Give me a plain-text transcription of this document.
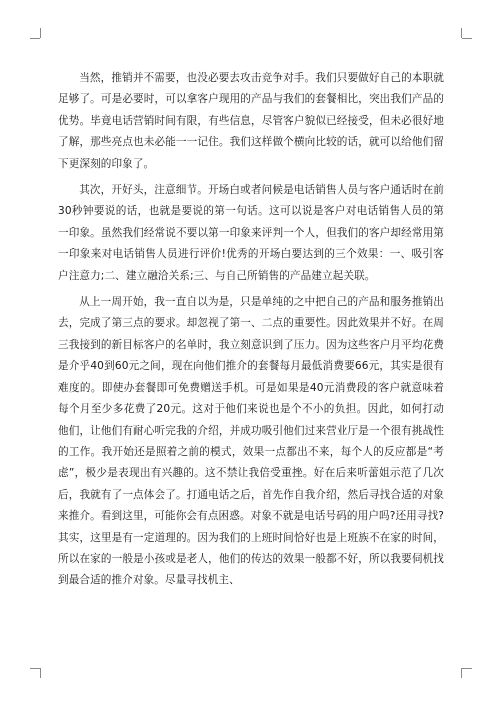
当然，推销并不需要，也没必要去攻击竞争对手。我们只要做好自己的本职就足够了。可是必要时，可以拿客户现用的产品与我们的套餐相比，突出我们产品的优势。毕竟电话营销时间有限，有些信息，尽管客户貌似已经接受，但未必很好地了解，那些亮点也未必能一一记住。我们这样做个横向比较的话，就可以给他们留下更深刻的印象了。

其次，开好头，注意细节。开场白或者问候是电话销售人员与客户通话时在前30秒钟要说的话，也就是要说的第一句话。这可以说是客户对电话销售人员的第一印象。虽然我们经常说不要以第一印象来评判一个人，但我们的客户却经常用第一印象来对电话销售人员进行评价!优秀的开场白要达到的三个效果：一、吸引客户注意力;二、建立融洽关系;三、与自己所销售的产品建立起关联。

从上一周开始，我一直自以为是，只是单纯的之中把自己的产品和服务推销出去，完成了第三点的要求。却忽视了第一、二点的重要性。因此效果并不好。在周三我接到的新目标客户的名单时，我立刻意识到了压力。因为这些客户月平均花费是介乎40到60元之间，现在向他们推介的套餐每月最低消费要66元，其实是很有难度的。即使办套餐即可免费赠送手机。可是如果是40元消费段的客户就意味着每个月至少多花费了20元。这对于他们来说也是个不小的负担。因此，如何打动他们，让他们有耐心听完我的介绍，并成功吸引他们过来营业厅是一个很有挑战性的工作。我开始还是照着之前的模式，效果一点都出不来，每个人的反应都是“考虑”，极少是表现出有兴趣的。这不禁让我倍受重挫。好在后来听蕾姐示范了几次后，我就有了一点体会了。打通电话之后，首先作自我介绍，然后寻找合适的对象来推介。看到这里，可能你会有点困惑。对象不就是电话号码的用户吗?还用寻找?其实，这里是有一定道理的。因为我们的上班时间恰好也是上班族不在家的时间，所以在家的一般是小孩或是老人，他们的传达的效果一般都不好，所以我要伺机找到最合适的推介对象。尽量寻找机主、
